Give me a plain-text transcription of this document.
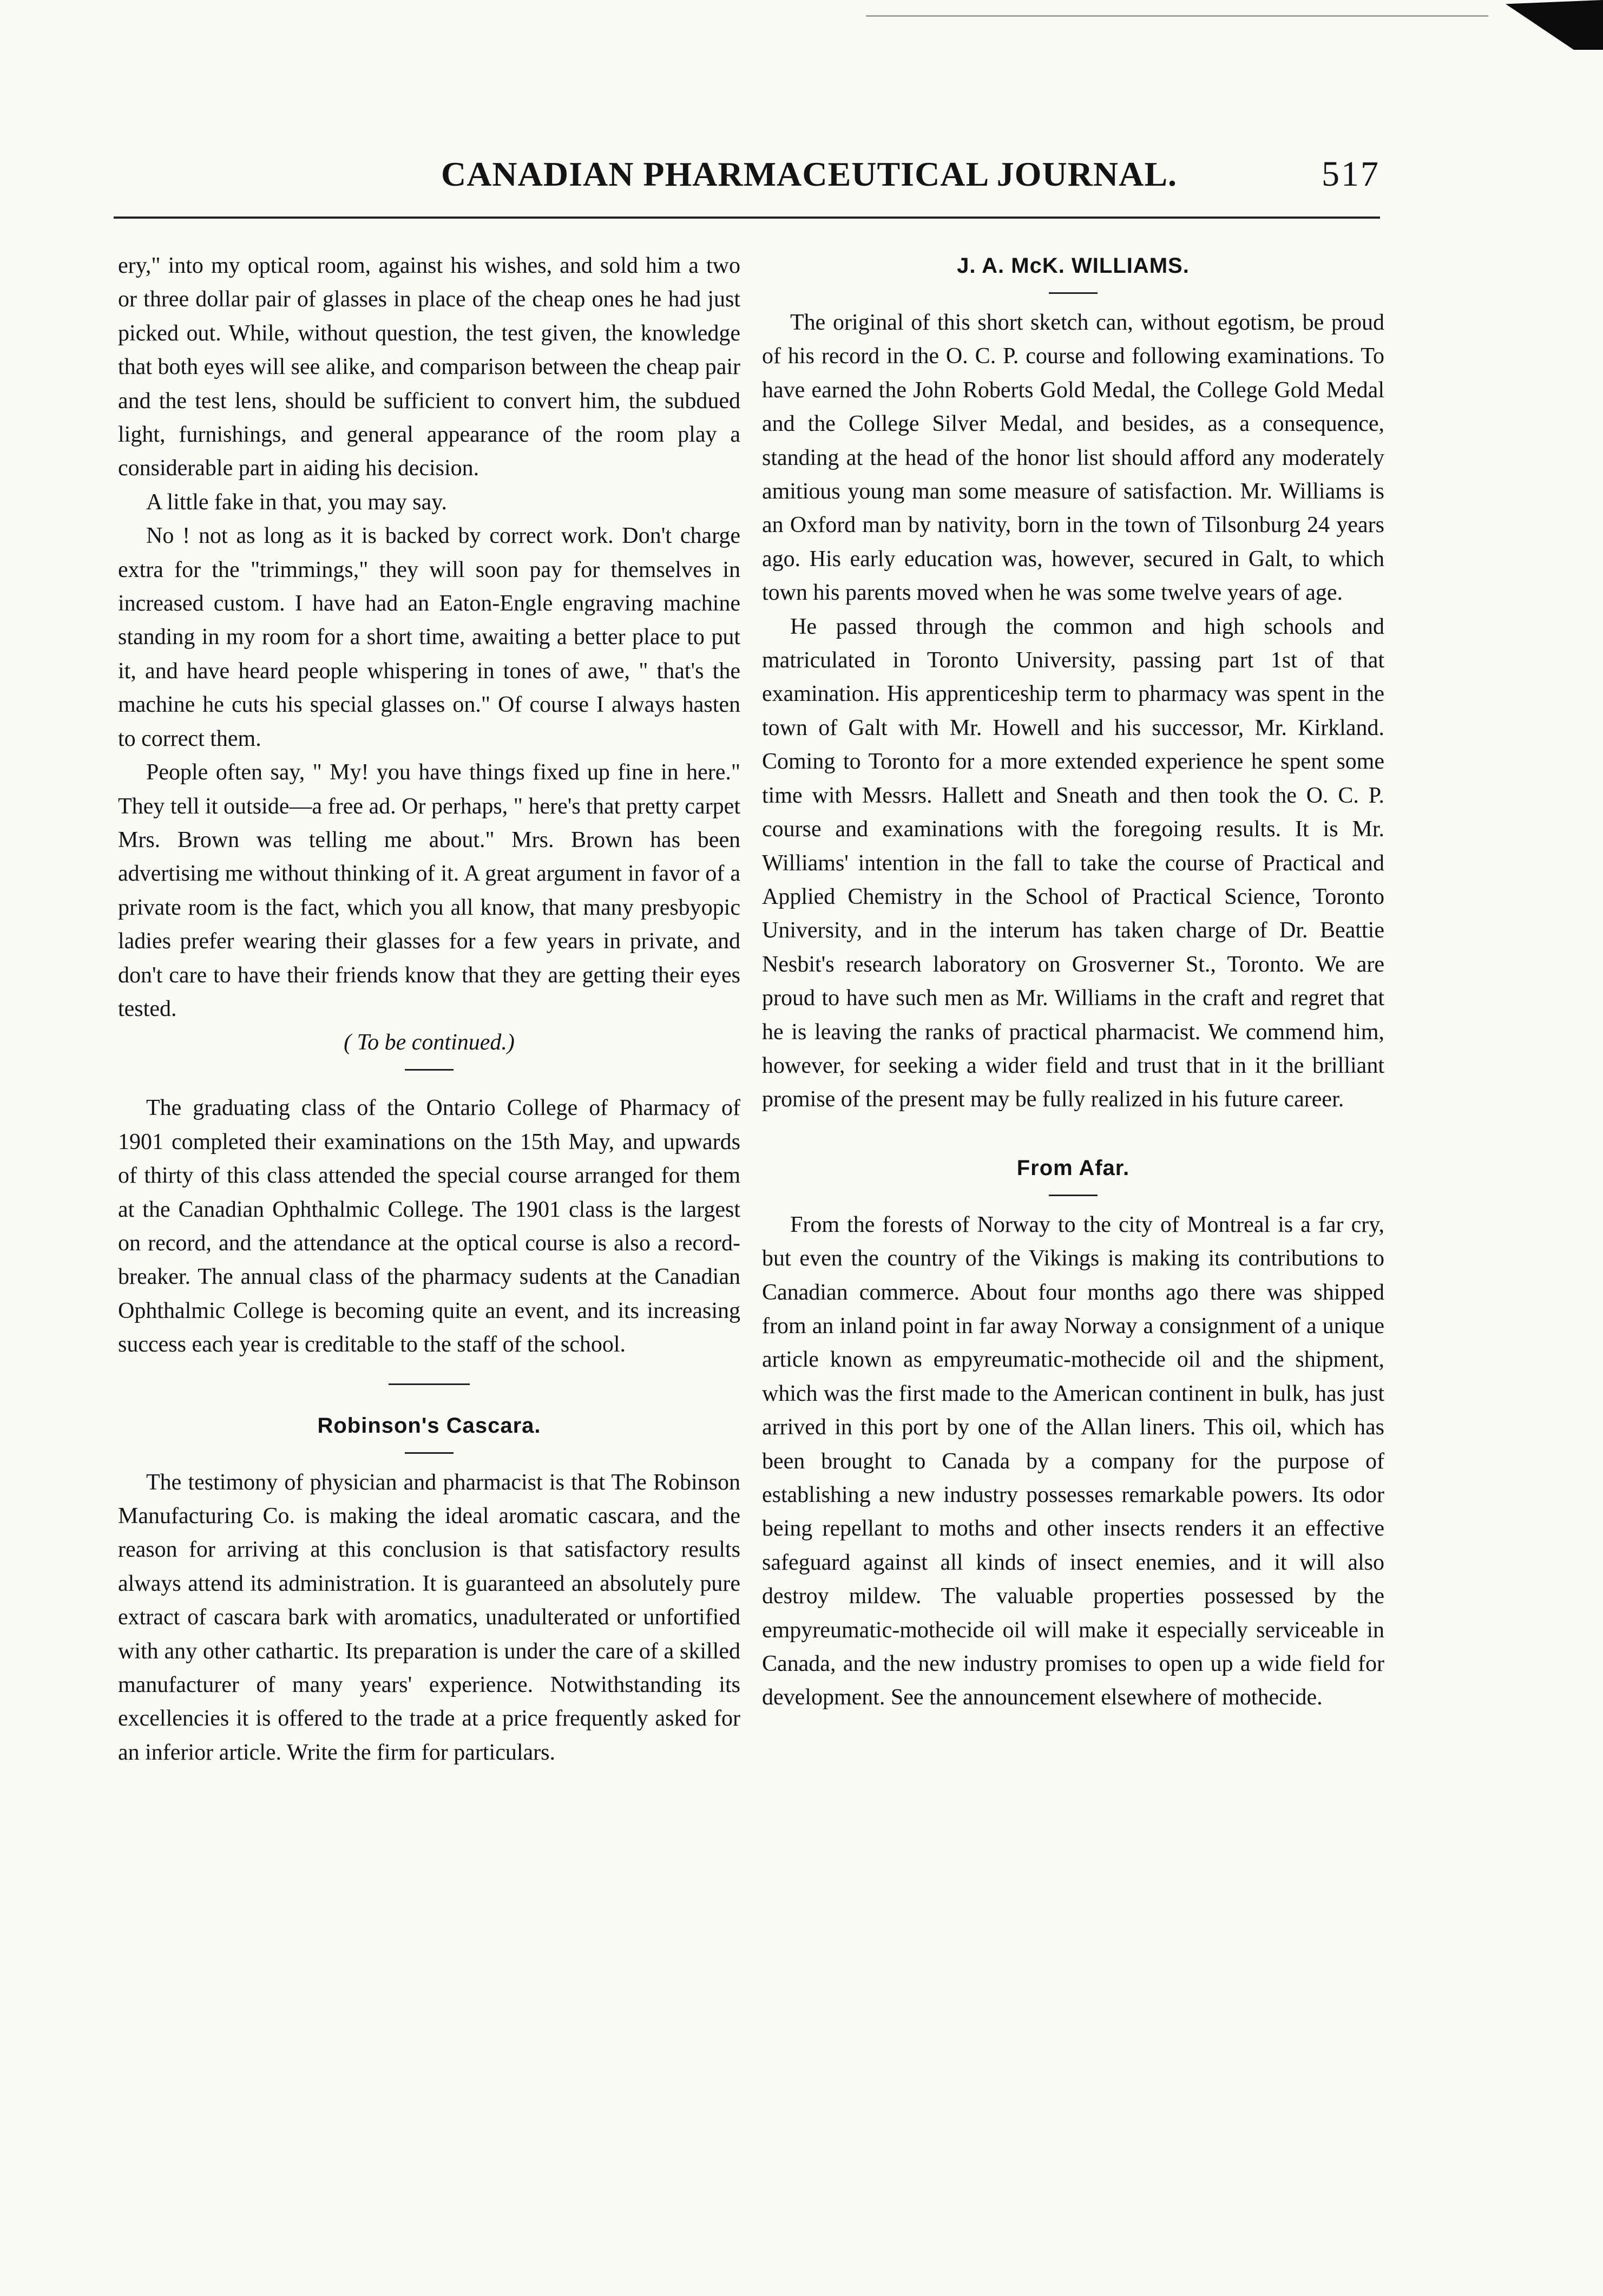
CANADIAN PHARMACEUTICAL JOURNAL.	517

ery," into my optical room, against his wishes, and sold him a two or three dollar pair of glasses in place of the cheap ones he had just picked out. While, without question, the test given, the knowledge that both eyes will see alike, and comparison between the cheap pair and the test lens, should be sufficient to convert him, the subdued light, furnishings, and general appearance of the room play a considerable part in aiding his decision.

A little fake in that, you may say.

No ! not as long as it is backed by correct work. Don't charge extra for the "trimmings," they will soon pay for themselves in increased custom. I have had an Eaton-Engle engraving machine standing in my room for a short time, awaiting a better place to put it, and have heard people whispering in tones of awe, " that's the machine he cuts his special glasses on." Of course I always hasten to correct them.

People often say, " My! you have things fixed up fine in here." They tell it outside—a free ad. Or perhaps, " here's that pretty carpet Mrs. Brown was telling me about." Mrs. Brown has been advertising me without thinking of it. A great argument in favor of a private room is the fact, which you all know, that many presbyopic ladies prefer wearing their glasses for a few years in private, and don't care to have their friends know that they are getting their eyes tested.

( To be continued.)

The graduating class of the Ontario College of Pharmacy of 1901 completed their examinations on the 15th May, and upwards of thirty of this class attended the special course arranged for them at the Canadian Ophthalmic College. The 1901 class is the largest on record, and the attendance at the optical course is also a record-breaker. The annual class of the pharmacy sudents at the Canadian Ophthalmic College is becoming quite an event, and its increasing success each year is creditable to the staff of the school.

Robinson's Cascara.

The testimony of physician and pharmacist is that The Robinson Manufacturing Co. is making the ideal aromatic cascara, and the reason for arriving at this conclusion is that satisfactory results always attend its administration. It is guaranteed an absolutely pure extract of cascara bark with aromatics, unadulterated or unfortified with any other cathartic. Its preparation is under the care of a skilled manufacturer of many years' experience. Notwithstanding its excellencies it is offered to the trade at a price frequently asked for an inferior article. Write the firm for particulars.

J. A. McK. WILLIAMS.

The original of this short sketch can, without egotism, be proud of his record in the O. C. P. course and following examinations. To have earned the John Roberts Gold Medal, the College Gold Medal and the College Silver Medal, and besides, as a consequence, standing at the head of the honor list should afford any moderately amitious young man some measure of satisfaction. Mr. Williams is an Oxford man by nativity, born in the town of Tilsonburg 24 years ago. His early education was, however, secured in Galt, to which town his parents moved when he was some twelve years of age.

He passed through the common and high schools and matriculated in Toronto University, passing part 1st of that examination. His apprenticeship term to pharmacy was spent in the town of Galt with Mr. Howell and his successor, Mr. Kirkland. Coming to Toronto for a more extended experience he spent some time with Messrs. Hallett and Sneath and then took the O. C. P. course and examinations with the foregoing results. It is Mr. Williams' intention in the fall to take the course of Practical and Applied Chemistry in the School of Practical Science, Toronto University, and in the interum has taken charge of Dr. Beattie Nesbit's research laboratory on Grosverner St., Toronto. We are proud to have such men as Mr. Williams in the craft and regret that he is leaving the ranks of practical pharmacist. We commend him, however, for seeking a wider field and trust that in it the brilliant promise of the present may be fully realized in his future career.

From Afar.

From the forests of Norway to the city of Montreal is a far cry, but even the country of the Vikings is making its contributions to Canadian commerce. About four months ago there was shipped from an inland point in far away Norway a consignment of a unique article known as empyreumatic-mothecide oil and the shipment, which was the first made to the American continent in bulk, has just arrived in this port by one of the Allan liners. This oil, which has been brought to Canada by a company for the purpose of establishing a new industry possesses remarkable powers. Its odor being repellant to moths and other insects renders it an effective safeguard against all kinds of insect enemies, and it will also destroy mildew. The valuable properties possessed by the empyreumatic-mothecide oil will make it especially serviceable in Canada, and the new industry promises to open up a wide field for development. See the announcement elsewhere of mothecide.
